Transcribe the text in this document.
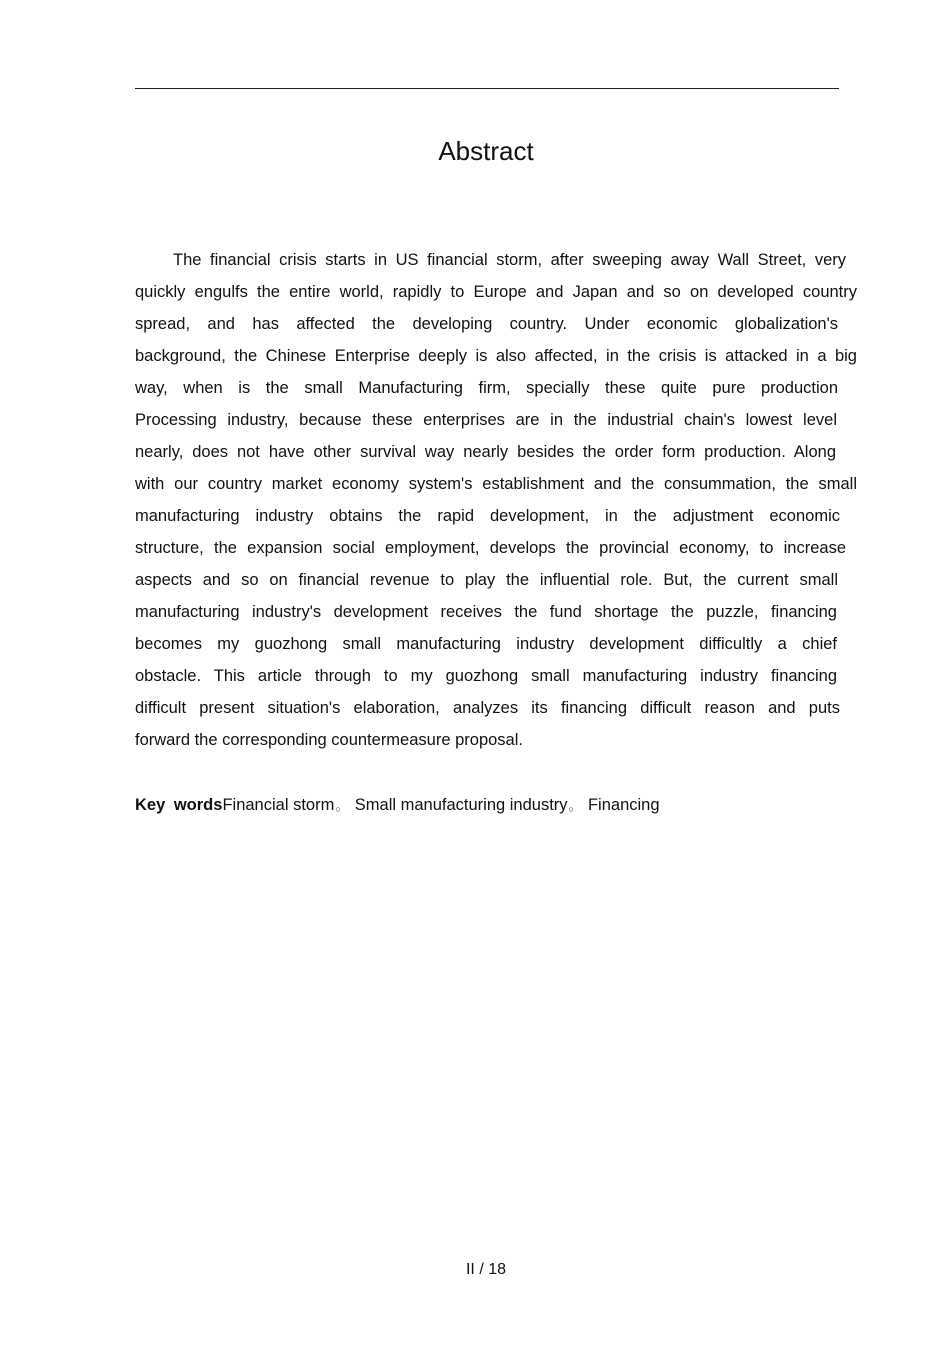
Abstract
The financial crisis starts in US financial storm, after sweeping away Wall Street, very
quickly engulfs the entire world, rapidly to Europe and Japan and so on developed country
spread, and has affected the developing country. Under economic globalization's
background, the Chinese Enterprise deeply is also affected, in the crisis is attacked in a big
way, when is the small Manufacturing firm, specially these quite pure production
Processing industry, because these enterprises are in the industrial chain's lowest level
nearly, does not have other survival way nearly besides the order form production. Along
with our country market economy system's establishment and the consummation, the small
manufacturing industry obtains the rapid development, in the adjustment economic
structure, the expansion social employment, develops the provincial economy, to increase
aspects and so on financial revenue to play the influential role. But, the current small
manufacturing industry's development receives the fund shortage the puzzle, financing
becomes my guozhong small manufacturing industry development difficultly a chief
obstacle. This article through to my guozhong small manufacturing industry financing
difficult present situation's elaboration, analyzes its financing difficult reason and puts
forward the corresponding countermeasure proposal.
Key wordsFinancial storm○ Small manufacturing industry○ Financing
II / 18
